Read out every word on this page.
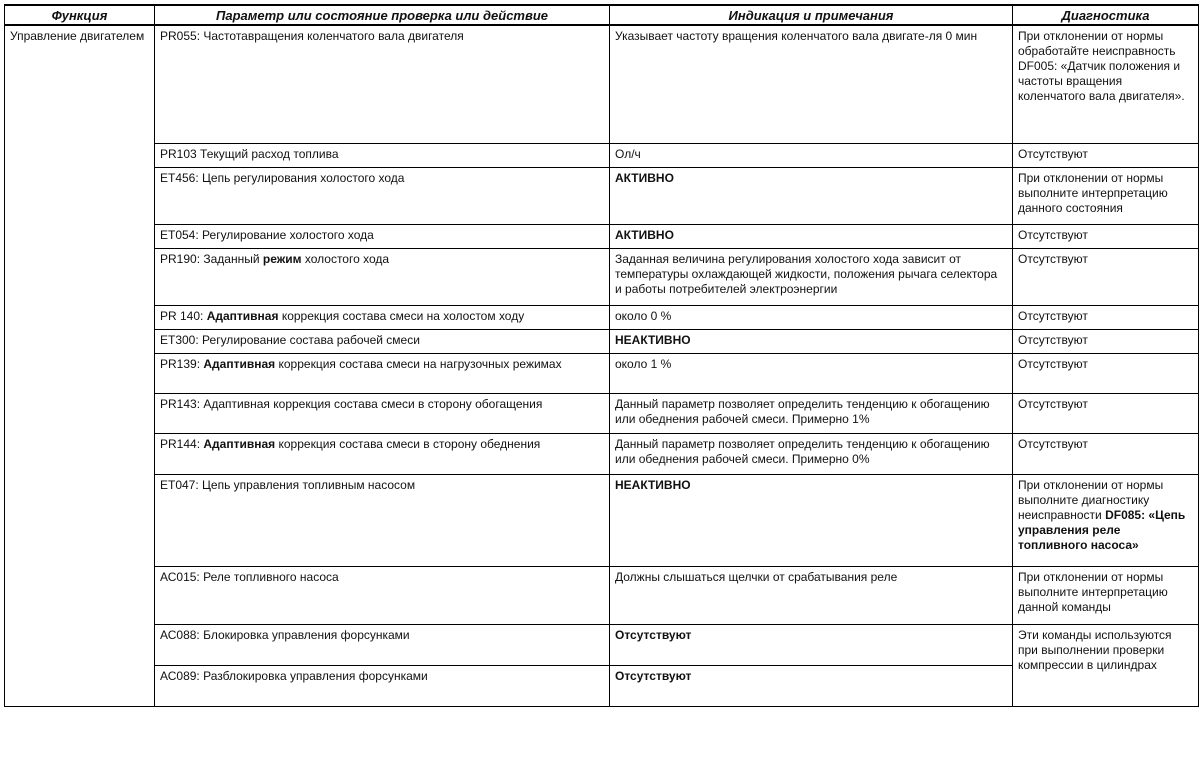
Функция	Параметр или состояние проверка или действие	Индикация и примечания	Диагностика
Управление двигателем	PR055: Частотавращения коленчатого вала двигателя	Указывает частоту вращения коленчатого вала двигате-ля 0 мин	При отклонении от нормы обработайте неисправность DF005: «Датчик положения и частоты вращения коленчатого вала двигателя».
	PR103 Текущий расход топлива	Ол/ч	Отсутствуют
	ЕТ456: Цепь регулирования холостого хода	АКТИВНО	При отклонении от нормы выполните интерпретацию данного состояния
	ЕТ054: Регулирование холостого хода	АКТИВНО	Отсутствуют
	PR190: Заданный режим холостого хода	Заданная величина регулирования холостого хода зависит от температуры охлаждающей жидкости, положения рычага селектора и работы потребителей электроэнергии	Отсутствуют
	PR 140: Адаптивная коррекция состава смеси на холостом ходу	около 0 %	Отсутствуют
	ЕТ300: Регулирование состава рабочей смеси	НЕАКТИВНО	Отсутствуют
	PR139: Адаптивная коррекция состава смеси на нагрузочных режимах	около 1 %	Отсутствуют
	PR143: Адаптивная коррекция состава смеси в сторону обогащения	Данный параметр позволяет определить тенденцию к обогащению или обеднения рабочей смеси. Примерно 1%	Отсутствуют
	PR144: Адаптивная коррекция состава смеси в сторону обеднения	Данный параметр позволяет определить тенденцию к обогащению или обеднения рабочей смеси. Примерно 0%	Отсутствуют
	ЕТ047: Цепь управления топливным насосом	НЕАКТИВНО	При отклонении от нормы выполните диагностику неисправности DF085: «Цепь управления реле топливного насоса»
	АС015: Реле топливного насоса	Должны слышаться щелчки от срабатывания реле	При отклонении от нормы выполните интерпретацию данной команды
	АС088: Блокировка управления форсунками	Отсутствуют	Эти команды используются при выполнении проверки компрессии в цилиндрах
	АС089: Разблокировка управления форсунками	Отсутствуют	
